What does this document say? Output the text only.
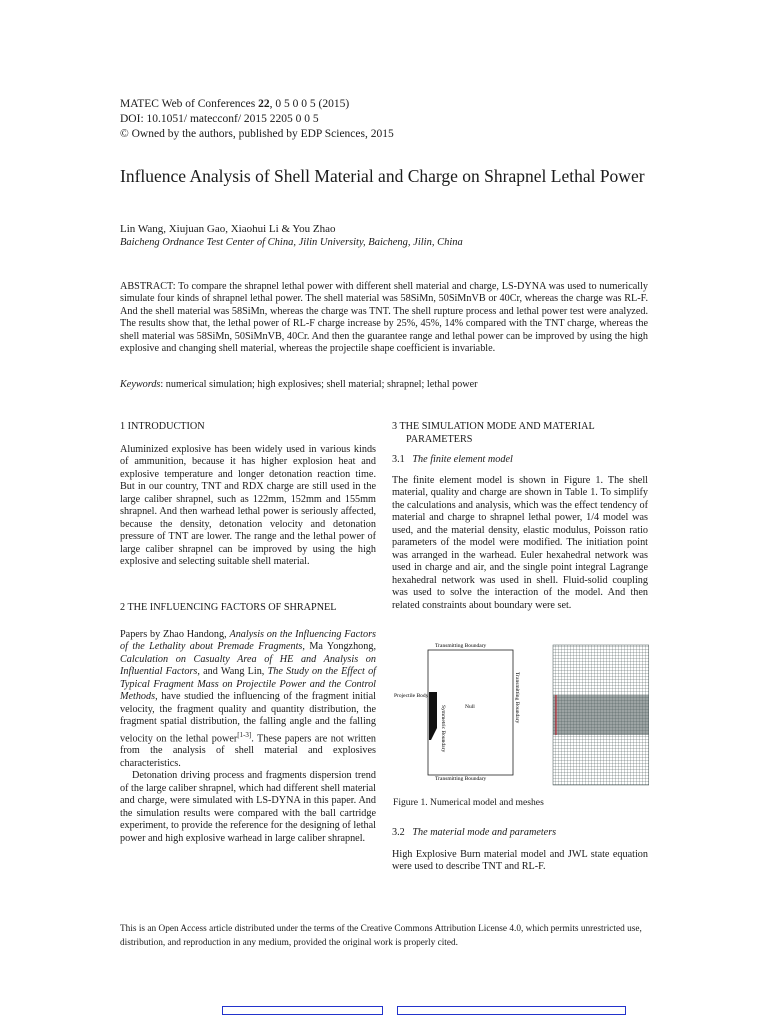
MATEC Web of Conferences 22, 0 5 0 0 5 (2015)
DOI: 10.1051/ matecconf/ 2015 2205 0 0 5
© Owned by the authors, published by EDP Sciences, 2015
Influence Analysis of Shell Material and Charge on Shrapnel Lethal Power
Lin Wang, Xiujuan Gao, Xiaohui Li & You Zhao
Baicheng Ordnance Test Center of China, Jilin University, Baicheng, Jilin, China
ABSTRACT: To compare the shrapnel lethal power with different shell material and charge, LS-DYNA was used to numerically simulate four kinds of shrapnel lethal power. The shell material was 58SiMn, 50SiMnVB or 40Cr, whereas the charge was RL-F. And the shell material was 58SiMn, whereas the charge was TNT. The shell rupture process and lethal power test were analyzed. The results show that, the lethal power of RL-F charge increase by 25%, 45%, 14% compared with the TNT charge, whereas the shell material was 58SiMn, 50SiMnVB, 40Cr. And then the guarantee range and lethal power can be improved by using the high explosive and changing shell material, whereas the projectile shape coefficient is invariable.
Keywords: numerical simulation; high explosives; shell material; shrapnel; lethal power
1 INTRODUCTION
Aluminized explosive has been widely used in various kinds of ammunition, because it has higher explosion heat and explosive temperature and longer detonation reaction time. But in our country, TNT and RDX charge are still used in the large caliber shrapnel, such as 122mm, 152mm and 155mm shrapnel. And then warhead lethal power is seriously affected, because the density, detonation velocity and detonation pressure of TNT are lower. The range and the lethal power of large caliber shrapnel can be improved by using the high explosive and selecting suitable shell material.
2 THE INFLUENCING FACTORS OF SHRAPNEL
Papers by Zhao Handong, Analysis on the Influencing Factors of the Lethality about Premade Fragments, Ma Yongzhong, Calculation on Casualty Area of HE and Analysis on Influential Factors, and Wang Lin, The Study on the Effect of Typical Fragment Mass on Projectile Power and the Control Methods, have studied the influencing of the fragment initial velocity, the fragment quality and quantity distribution, the fragment spatial distribution, the falling angle and the falling velocity on the lethal power[1-3]. These papers are not written from the analysis of shell material and explosives characteristics.
Detonation driving process and fragments dispersion trend of the large caliber shrapnel, which had different shell material and charge, were simulated with LS-DYNA in this paper. And the simulation results were compared with the ball cartridge experiment, to provide the reference for the designing of lethal power and high explosive warhead in large caliber shrapnel.
3 THE SIMULATION MODE AND MATERIAL
PARAMETERS
3.1 The finite element model
The finite element model is shown in Figure 1. The shell material, quality and charge are shown in Table 1. To simplify the calculations and analysis, which was the effect tendency of material and charge to shrapnel lethal power, 1/4 model was used, and the material density, elastic modulus, Poisson ratio parameters of the model were modified. The initiation point was arranged in the warhead. Euler hexahedral network was used in charge and air, and the single point integral Lagrange hexahedral network was used in shell. Fluid-solid coupling was used to solve the interaction of the model. And then related constraints about boundary were set.
Transmitting Boundary
Transmitting Boundary
Projectile Body
Null	Transmitting Boundary
Symmetric Boundary
Figure 1. Numerical model and meshes
3.2 The material mode and parameters
High Explosive Burn material model and JWL state equation were used to describe TNT and RL-F.
This is an Open Access article distributed under the terms of the Creative Commons Attribution License 4.0, which permits unrestricted use, distribution, and reproduction in any medium, provided the original work is properly cited.
